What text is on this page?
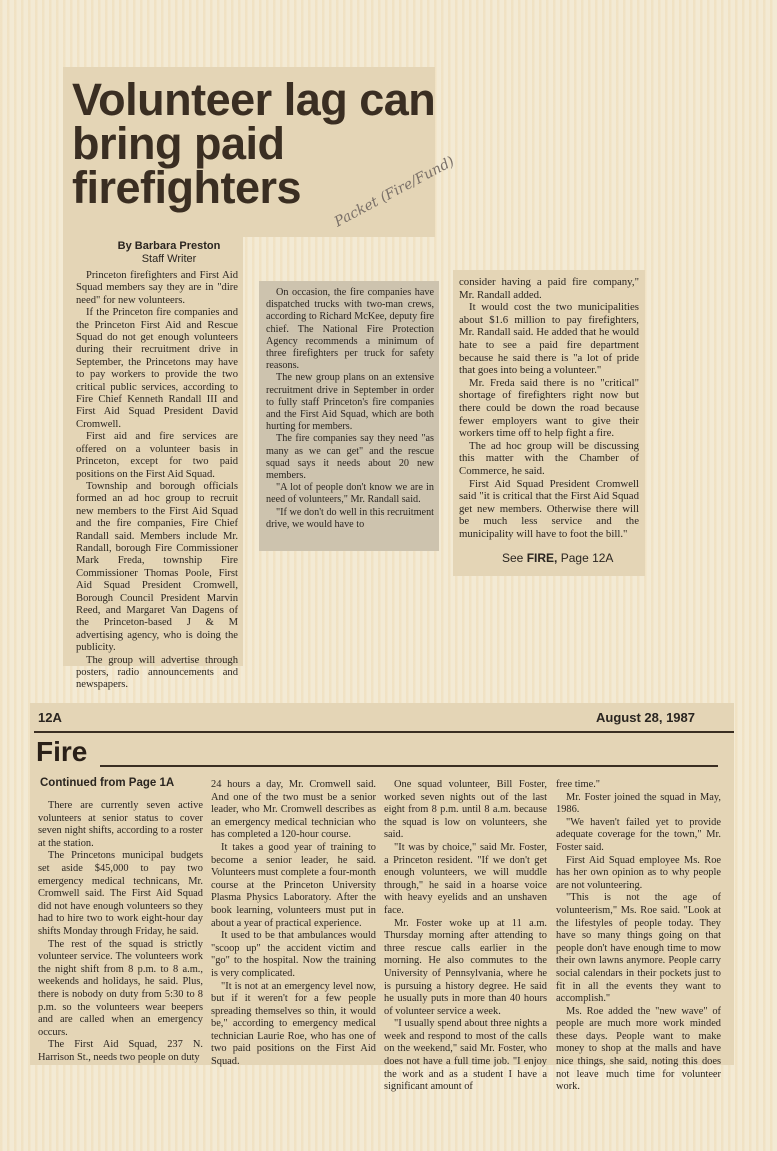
Volunteer lag can bring paid firefighters	Packet (Fire/Fund)
By Barbara Preston
Staff Writer

Princeton firefighters and First Aid Squad members say they are in "dire need" for new volunteers.

If the Princeton fire companies and the Princeton First Aid and Rescue Squad do not get enough volunteers during their recruitment drive in September, the Princetons may have to pay workers to provide the two critical public services, according to Fire Chief Kenneth Randall III and First Aid Squad President David Cromwell.

First aid and fire services are offered on a volunteer basis in Princeton, except for two paid positions on the First Aid Squad.

Township and borough officials formed an ad hoc group to recruit new members to the First Aid Squad and the fire companies, Fire Chief Randall said. Members include Mr. Randall, borough Fire Commissioner Mark Freda, township Fire Commissioner Thomas Poole, First Aid Squad President Cromwell, Borough Council President Marvin Reed, and Margaret Van Dagens of the Princeton-based J & M advertising agency, who is doing the publicity.

The group will advertise through posters, radio announcements and newspapers.

On occasion, the fire companies have dispatched trucks with two-man crews, according to Richard McKee, deputy fire chief. The National Fire Protection Agency recommends a minimum of three firefighters per truck for safety reasons.

The new group plans on an extensive recruitment drive in September in order to fully staff Princeton's fire companies and the First Aid Squad, which are both hurting for members.

The fire companies say they need "as many as we can get" and the rescue squad says it needs about 20 new members.

"A lot of people don't know we are in need of volunteers," Mr. Randall said.

"If we don't do well in this recruitment drive, we would have to

consider having a paid fire company," Mr. Randall added.

It would cost the two municipalities about $1.6 million to pay firefighters, Mr. Randall said. He added that he would hate to see a paid fire department because he said there is "a lot of pride that goes into being a volunteer."

Mr. Freda said there is no "critical" shortage of firefighters right now but there could be down the road because fewer employers want to give their workers time off to help fight a fire.

The ad hoc group will be discussing this matter with the Chamber of Commerce, he said.

First Aid Squad President Cromwell said "it is critical that the First Aid Squad get new members. Otherwise there will be much less service and the municipality will have to foot the bill."

See FIRE, Page 12A
12A	August 28, 1987
Fire
Continued from Page 1A

There are currently seven active volunteers at senior status to cover seven night shifts, according to a roster at the station.

The Princetons municipal budgets set aside $45,000 to pay two emergency medical technicans, Mr. Cromwell said. The First Aid Squad did not have enough volunteers so they had to hire two to work eight-hour day shifts Monday through Friday, he said.

The rest of the squad is strictly volunteer service. The volunteers work the night shift from 8 p.m. to 8 a.m., weekends and holidays, he said. Plus, there is nobody on duty from 5:30 to 8 p.m. so the volunteers wear beepers and are called when an emergency occurs.

The First Aid Squad, 237 N. Harrison St., needs two people on duty

24 hours a day, Mr. Cromwell said. And one of the two must be a senior leader, who Mr. Cromwell describes as an emergency medical technician who has completed a 120-hour course.

It takes a good year of training to become a senior leader, he said. Volunteers must complete a four-month course at the Princeton University Plasma Physics Laboratory. After the book learning, volunteers must put in about a year of practical experience.

It used to be that ambulances would "scoop up" the accident victim and "go" to the hospital. Now the training is very complicated.

"It is not at an emergency level now, but if it weren't for a few people spreading themselves so thin, it would be," according to emergency medical technician Laurie Roe, who has one of two paid positions on the First Aid Squad.

One squad volunteer, Bill Foster, worked seven nights out of the last eight from 8 p.m. until 8 a.m. because the squad is low on volunteers, she said.

"It was by choice," said Mr. Foster, a Princeton resident. "If we don't get enough volunteers, we will muddle through," he said in a hoarse voice with heavy eyelids and an unshaven face.

Mr. Foster woke up at 11 a.m. Thursday morning after attending to three rescue calls earlier in the morning. He also commutes to the University of Pennsylvania, where he is pursuing a history degree. He said he usually puts in more than 40 hours of volunteer service a week.

"I usually spend about three nights a week and respond to most of the calls on the weekend," said Mr. Foster, who does not have a full time job. "I enjoy the work and as a student I have a significant amount of

free time."

Mr. Foster joined the squad in May, 1986.

"We haven't failed yet to provide adequate coverage for the town," Mr. Foster said.

First Aid Squad employee Ms. Roe has her own opinion as to why people are not volunteering.

"This is not the age of volunteerism," Ms. Roe said. "Look at the lifestyles of people today. They have so many things going on that people don't have enough time to mow their own lawns anymore. People carry social calendars in their pockets just to fit in all the events they want to accomplish."

Ms. Roe added the "new wave" of people are much more work minded these days. People want to make money to shop at the malls and have nice things, she said, noting this does not leave much time for volunteer work.
